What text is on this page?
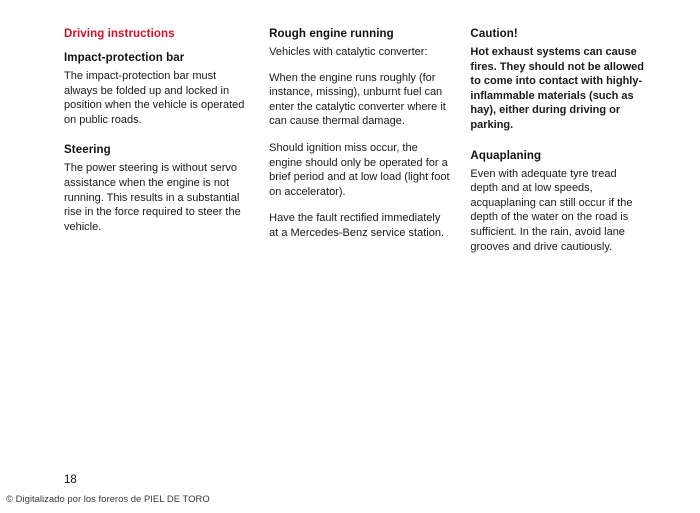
Driving instructions
Impact-protection bar

The impact-protection bar must always be folded up and locked in position when the vehicle is operated on public roads.

Steering

The power steering is without servo assistance when the engine is not running. This results in a substantial rise in the force required to steer the vehicle.

Rough engine running

Vehicles with catalytic converter:

When the engine runs roughly (for instance, missing), unburnt fuel can enter the catalytic converter where it can cause thermal damage.

Should ignition miss occur, the engine should only be operated for a brief period and at low load (light foot on accelerator).

Have the fault rectified immediately at a Mercedes-Benz service station.

Caution!

Hot exhaust systems can cause fires. They should not be allowed to come into contact with highly-inflammable materials (such as hay), either during driving or parking.

Aquaplaning

Even with adequate tyre tread depth and at low speeds, acquaplaning can still occur if the depth of the water on the road is sufficient. In the rain, avoid lane grooves and drive cautiously.

18
© Digitalizado por los foreros de PIEL DE TORO
